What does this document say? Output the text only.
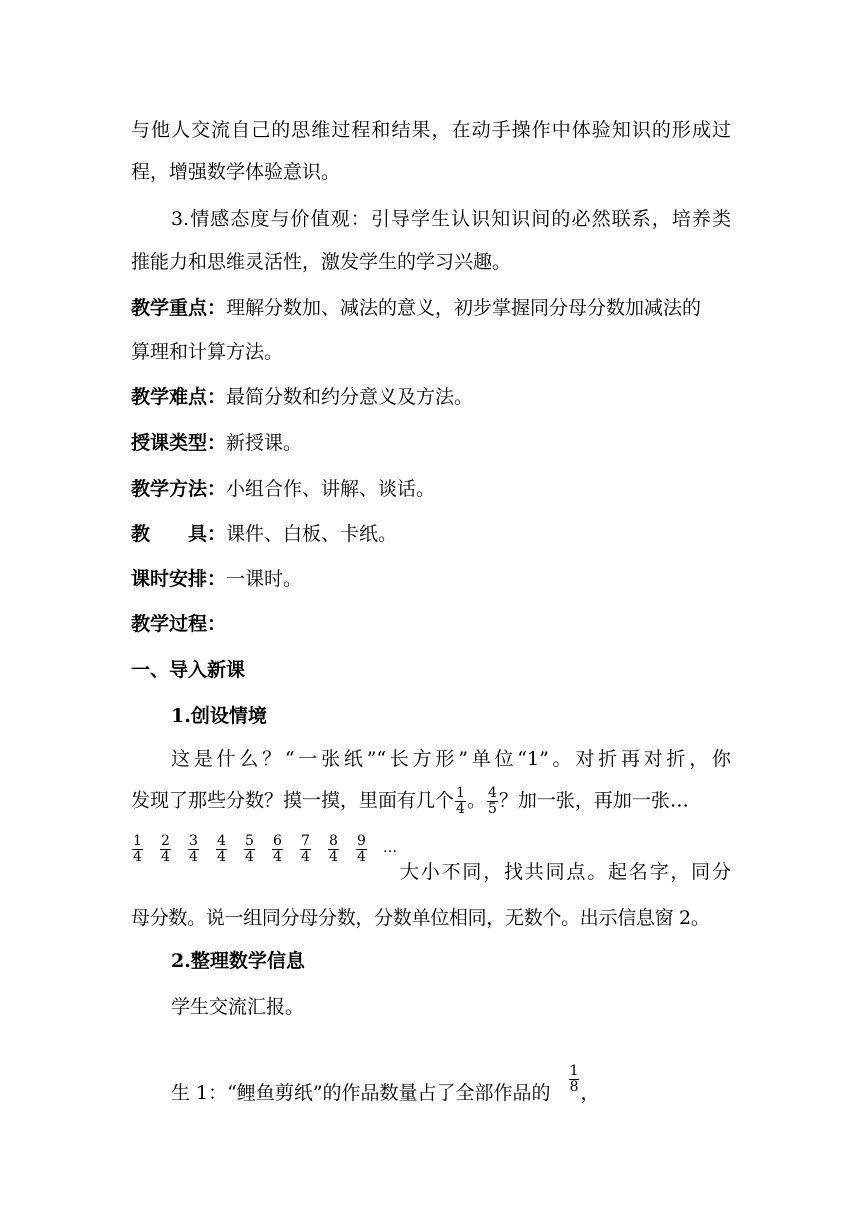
与他人交流自己的思维过程和结果，在动手操作中体验知识的形成过
程，增强数学体验意识。
3.情感态度与价值观：引导学生认识知识间的必然联系，培养类
推能力和思维灵活性，激发学生的学习兴趣。
教学重点：理解分数加、减法的意义，初步掌握同分母分数加减法的
算理和计算方法。
教学难点：最简分数和约分意义及方法。
授课类型：新授课。
教学方法：小组合作、讲解、谈话。
教 具：课件、白板、卡纸。
课时安排：一课时。
教学过程：
一、导入新课
1.创设情境
这是什么？“一张纸”“长方形”单位“1”。对折再对折，你
发现了那些分数？摸一摸，里面有几个 $\frac{1}{4}$ 。 $\frac{4}{5}$ ？加一张，再加一张…
$\frac{1}{4} \frac{2}{4} \frac{3}{4} \frac{4}{4} \frac{5}{4} \frac{6}{4} \frac{7}{4} \frac{8}{4} \frac{9}{4}$ …
大小不同，找共同点。起名字，同分
母分数。说一组同分母分数，分数单位相同，无数个。出示信息窗 2。
2.整理数学信息
学生交流汇报。
生 1：“鲤鱼剪纸”的作品数量占了全部作品的 $\frac{1}{8}$ ，
